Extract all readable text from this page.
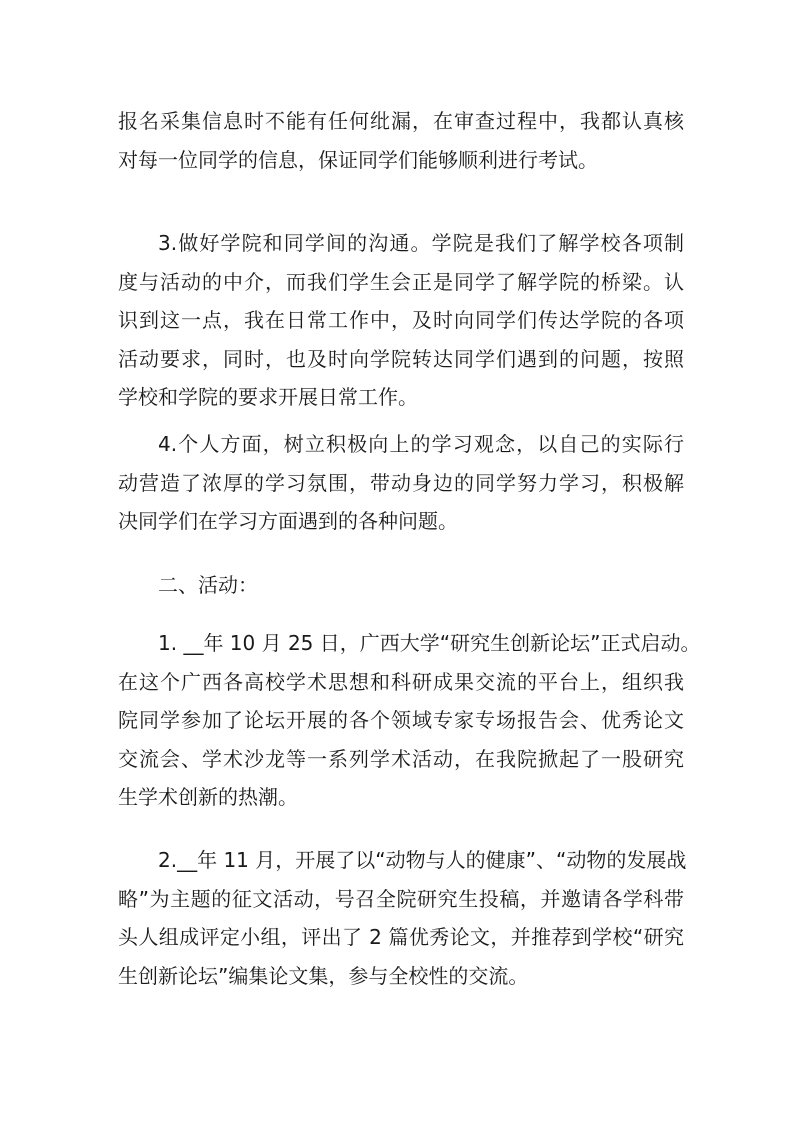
报名采集信息时不能有任何纰漏，在审查过程中，我都认真核
对每一位同学的信息，保证同学们能够顺利进行考试。
3.做好学院和同学间的沟通。学院是我们了解学校各项制
度与活动的中介，而我们学生会正是同学了解学院的桥梁。认
识到这一点，我在日常工作中，及时向同学们传达学院的各项
活动要求，同时，也及时向学院转达同学们遇到的问题，按照
学校和学院的要求开展日常工作。
4.个人方面，树立积极向上的学习观念，以自己的实际行
动营造了浓厚的学习氛围，带动身边的同学努力学习，积极解
决同学们在学习方面遇到的各种问题。
二、活动：
1. __年 10 月 25 日，广西大学“研究生创新论坛”正式启动。
在这个广西各高校学术思想和科研成果交流的平台上，组织我
院同学参加了论坛开展的各个领域专家专场报告会、优秀论文
交流会、学术沙龙等一系列学术活动，在我院掀起了一股研究
生学术创新的热潮。
2.__年 11 月，开展了以“动物与人的健康”、“动物的发展战
略”为主题的征文活动，号召全院研究生投稿，并邀请各学科带
头人组成评定小组，评出了 2 篇优秀论文，并推荐到学校“研究
生创新论坛”编集论文集，参与全校性的交流。
